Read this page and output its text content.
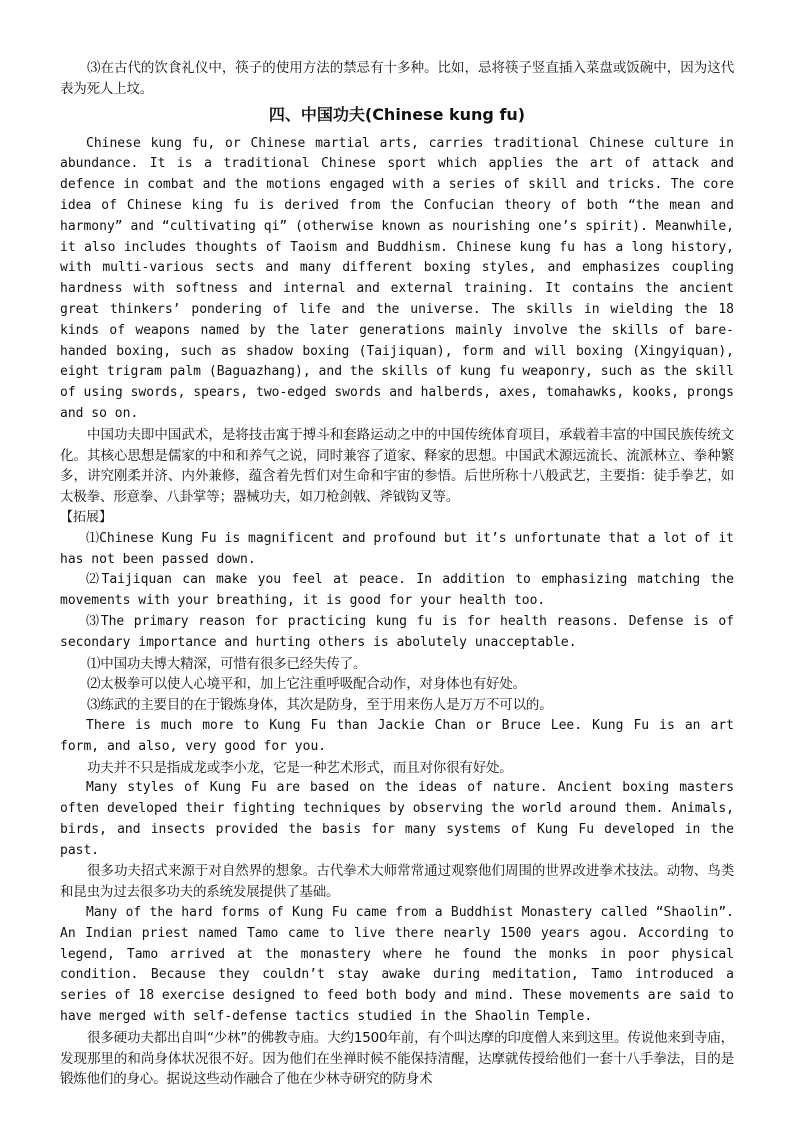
⑶在古代的饮食礼仪中，筷子的使用方法的禁忌有十多种。比如，忌将筷子竖直插入菜盘或饭碗中，因为这代表为死人上坟。

四、中国功夫(Chinese kung fu)

Chinese kung fu, or Chinese martial arts, carries traditional Chinese culture in abundance. It is a traditional Chinese sport which applies the art of attack and defence in combat and the motions engaged with a series of skill and tricks. The core idea of Chinese king fu is derived from the Confucian theory of both “the mean and harmony” and “cultivating qi” (otherwise known as nourishing one’s spirit). Meanwhile, it also includes thoughts of Taoism and Buddhism. Chinese kung fu has a long history, with multi-various sects and many different boxing styles, and emphasizes coupling hardness with softness and internal and external training. It contains the ancient great thinkers’ pondering of life and the universe. The skills in wielding the 18 kinds of weapons named by the later generations mainly involve the skills of bare-handed boxing, such as shadow boxing (Taijiquan), form and will boxing (Xingyiquan), eight trigram palm (Baguazhang), and the skills of kung fu weaponry, such as the skill of using swords, spears, two-edged swords and halberds, axes, tomahawks, kooks, prongs and so on.

中国功夫即中国武术，是将技击寓于搏斗和套路运动之中的中国传统体育项目，承载着丰富的中国民族传统文化。其核心思想是儒家的中和和养气之说，同时兼容了道家、释家的思想。中国武术源远流长、流派林立、拳种繁多，讲究刚柔并济、内外兼修，蕴含着先哲们对生命和宇宙的参悟。后世所称十八般武艺，主要指：徒手拳艺，如太极拳、形意拳、八卦掌等；器械功夫，如刀枪剑戟、斧钺钩叉等。

【拓展】

⑴Chinese Kung Fu is magnificent and profound but it’s unfortunate that a lot of it has not been passed down.

⑵Taijiquan can make you feel at peace. In addition to emphasizing matching the movements with your breathing, it is good for your health too.

⑶The primary reason for practicing kung fu is for health reasons. Defense is of secondary importance and hurting others is abolutely unacceptable.

⑴中国功夫博大精深，可惜有很多已经失传了。

⑵太极拳可以使人心境平和，加上它注重呼吸配合动作，对身体也有好处。

⑶练武的主要目的在于锻炼身体，其次是防身，至于用来伤人是万万不可以的。

There is much more to Kung Fu than Jackie Chan or Bruce Lee. Kung Fu is an art form, and also, very good for you.

功夫并不只是指成龙或李小龙，它是一种艺术形式，而且对你很有好处。

Many styles of Kung Fu are based on the ideas of nature. Ancient boxing masters often developed their fighting techniques by observing the world around them. Animals, birds, and insects provided the basis for many systems of Kung Fu developed in the past.

很多功夫招式来源于对自然界的想象。古代拳术大师常常通过观察他们周围的世界改进拳术技法。动物、鸟类和昆虫为过去很多功夫的系统发展提供了基础。

Many of the hard forms of Kung Fu came from a Buddhist Monastery called “Shaolin”. An Indian priest named Tamo came to live there nearly 1500 years agou. According to legend, Tamo arrived at the monastery where he found the monks in poor physical condition. Because they couldn’t stay awake during meditation, Tamo introduced a series of 18 exercise designed to feed both body and mind. These movements are said to have merged with self-defense tactics studied in the Shaolin Temple.

很多硬功夫都出自叫“少林”的佛教寺庙。大约1500年前，有个叫达摩的印度僧人来到这里。传说他来到寺庙，发现那里的和尚身体状况很不好。因为他们在坐禅时候不能保持清醒，达摩就传授给他们一套十八手拳法，目的是锻炼他们的身心。据说这些动作融合了他在少林寺研究的防身术
